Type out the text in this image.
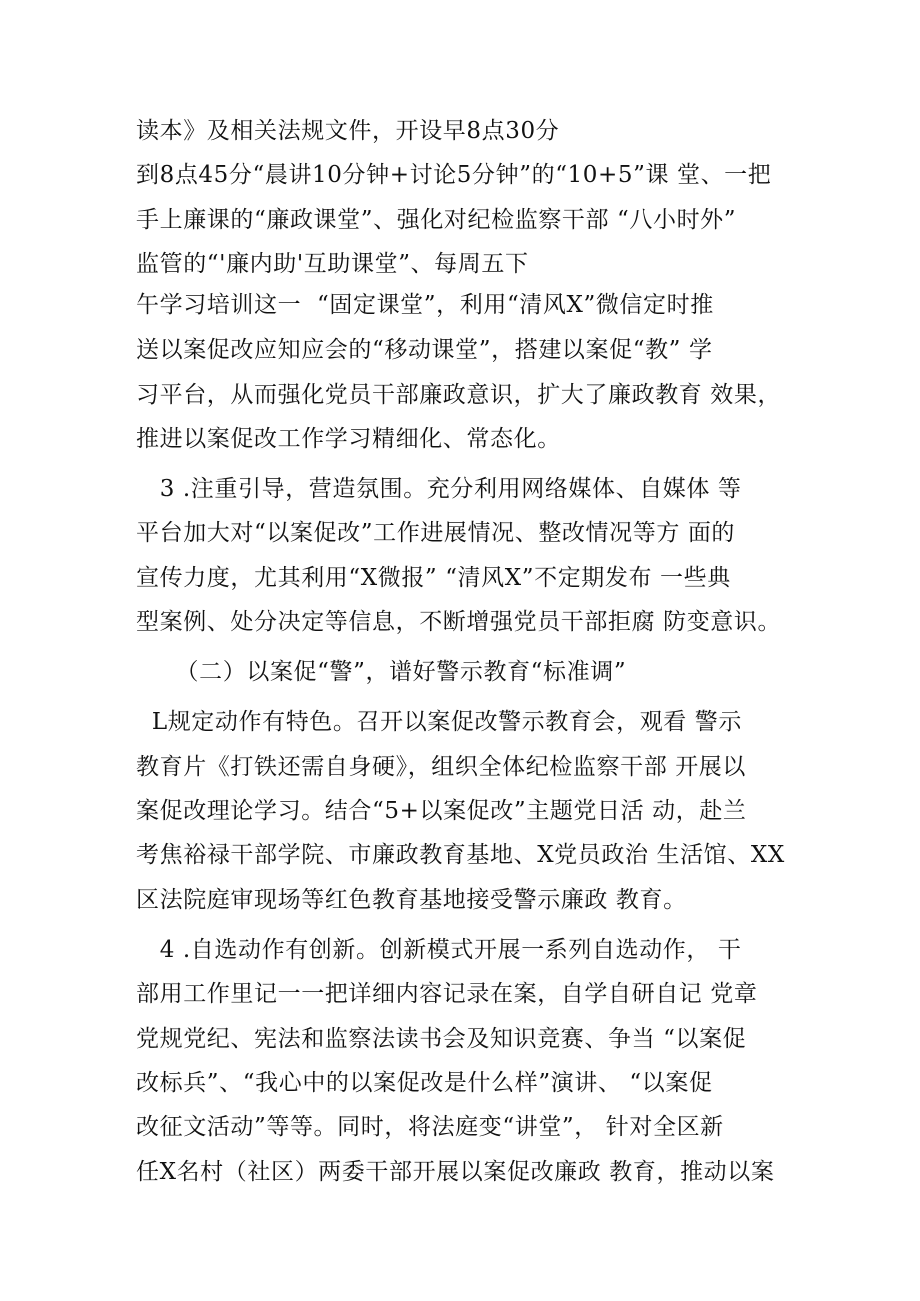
读本》及相关法规文件，开设早8点30分
到8点45分“晨讲10分钟+讨论5分钟”的“10+5”课 堂、一把
手上廉课的“廉政课堂”、强化对纪检监察干部 “八小时外”
监管的“'廉内助'互助课堂”、每周五下
午学习培训这一  “固定课堂”，利用“清风X”微信定时推
送以案促改应知应会的“移动课堂”，搭建以案促“教” 学
习平台，从而强化党员干部廉政意识，扩大了廉政教育 效果，
推进以案促改工作学习精细化、常态化。
3 .注重引导，营造氛围。充分利用网络媒体、自媒体 等
平台加大对“以案促改”工作进展情况、整改情况等方 面的
宣传力度，尤其利用“X微报” “清风X”不定期发布 一些典
型案例、处分决定等信息，不断增强党员干部拒腐 防变意识。
（二）以案促“警”，谱好警示教育“标准调”
L规定动作有特色。召开以案促改警示教育会，观看 警示
教育片《打铁还需自身硬》，组织全体纪检监察干部 开展以
案促改理论学习。结合“5+以案促改”主题党日活 动，赴兰
考焦裕禄干部学院、市廉政教育基地、X党员政治 生活馆、XX
区法院庭审现场等红色教育基地接受警示廉政 教育。
4 .自选动作有创新。创新模式开展一系列自选动作， 干
部用工作里记一一把详细内容记录在案，自学自研自记 党章
党规党纪、宪法和监察法读书会及知识竞赛、争当 “以案促
改标兵”、“我心中的以案促改是什么样”演讲、 “以案促
改征文活动”等等。同时，将法庭变“讲堂”， 针对全区新
任X名村（社区）两委干部开展以案促改廉政 教育，推动以案
